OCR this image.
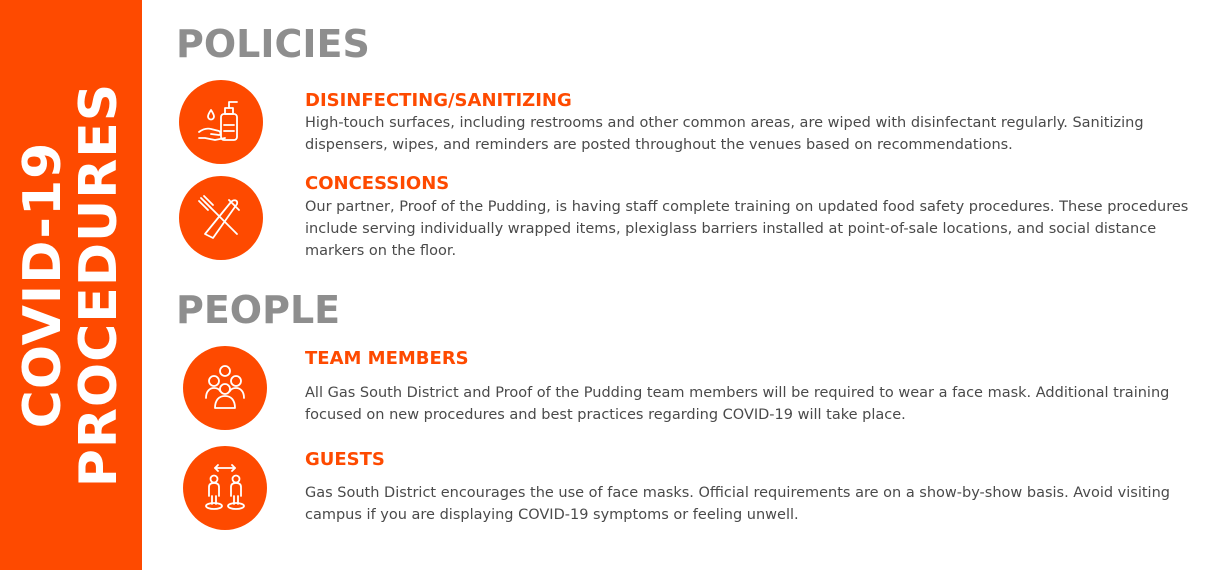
COVID-19
PROCEDURES
POLICIES
DISINFECTING/SANITIZING

High-touch surfaces, including restrooms and other common areas, are wiped with disinfectant regularly. Sanitizing dispensers, wipes, and reminders are posted throughout the venues based on recommendations.

CONCESSIONS

Our partner, Proof of the Pudding, is having staff complete training on updated food safety procedures. These procedures include serving individually wrapped items, plexiglass barriers installed at point-of-sale locations, and social distance markers on the floor.

PEOPLE
TEAM MEMBERS

All Gas South District and Proof of the Pudding team members will be required to wear a face mask. Additional training focused on new procedures and best practices regarding COVID-19 will take place.

GUESTS

Gas South District encourages the use of face masks. Official requirements are on a show-by-show basis. Avoid visiting campus if you are displaying COVID-19 symptoms or feeling unwell.
